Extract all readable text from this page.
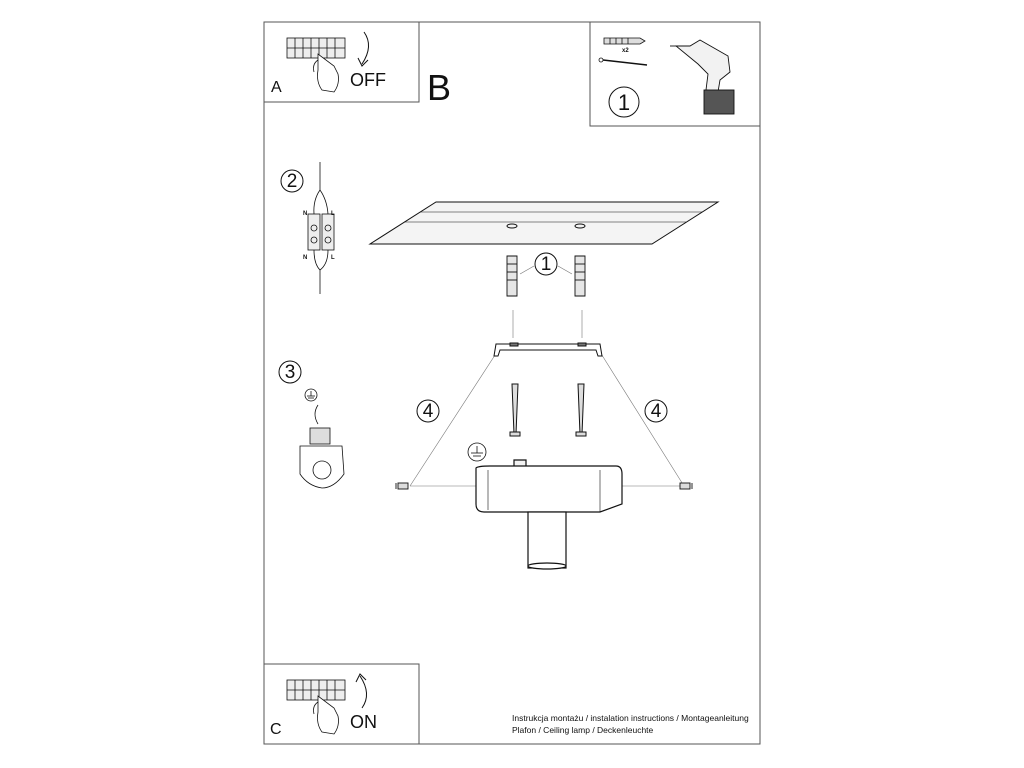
A	OFF B
x2
1
2
N	L
N	L	1
3
4	4
C	ON	Instrukcja montażu / instalation instructions / Montageanleitung
Plafon / Ceiling lamp / Deckenleuchte
